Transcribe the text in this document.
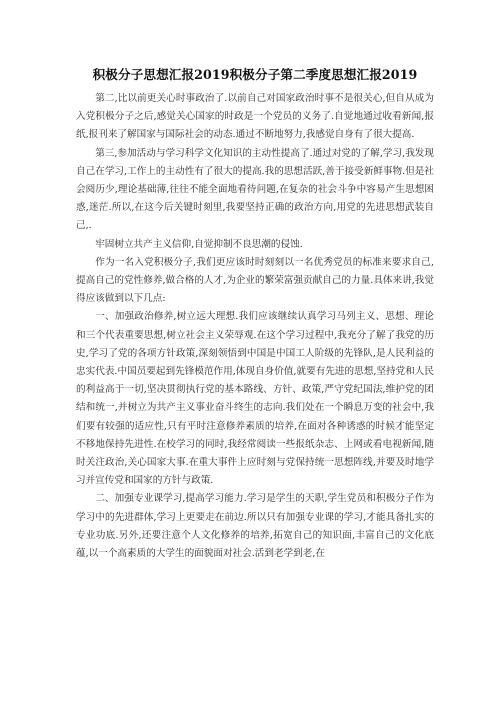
积极分子思想汇报2019积极分子第二季度思想汇报2019

第二,比以前更关心时事政治了.以前自己对国家政治时事不是很关心,但自从成为入党积极分子之后,感觉关心国家的时政是一个党员的义务了.自觉地通过收看新闻,报纸,报刊来了解国家与国际社会的动态.通过不断地努力,我感觉自身有了很大提高.

第三,参加活动与学习科学文化知识的主动性提高了.通过对党的了解,学习,我发现自己在学习,工作上的主动性有了很大的提高.我的思想活跃,善于接受新鲜事物.但是社会阅历少,理论基础薄,往往不能全面地看待问题,在复杂的社会斗争中容易产生思想困惑,迷茫.所以,在这今后关键时刻里,我要坚持正确的政治方向,用党的先进思想武装自己,.

牢固树立共产主义信仰,自觉抑制不良思潮的侵蚀.

作为一名入党积极分子,我们更应该时时刻刻以一名优秀党员的标准来要求自己,提高自己的党性修养,做合格的人才,为企业的繁荣富强贡献自己的力量.具体来讲,我觉得应该做到以下几点:

一、加强政治修养,树立远大理想.我们应该继续认真学习马列主义、思想、理论和三个代表重要思想,树立社会主义荣辱观.在这个学习过程中,我充分了解了我党的历史,学习了党的各项方针政策,深刻领悟到中国是中国工人阶级的先锋队,是人民利益的忠实代表.中国员要起到先锋模范作用,体现自身价值,就要有先进的思想,坚持党和人民的利益高于一切,坚决贯彻执行党的基本路线、方针、政策,严守党纪国法,维护党的团结和统一,并树立为共产主义事业奋斗终生的志向.我们处在一个瞬息万变的社会中,我们要有较强的适应性,只有平时注意修养素质的培养,在面对各种诱惑的时候才能坚定不移地保持先进性.在校学习的同时,我经常阅读一些报纸杂志、上网或看电视新闻,随时关注政治,关心国家大事.在重大事件上应时刻与党保持统一思想阵线,并要及时地学习并宣传党和国家的方针与政策.

二、加强专业课学习,提高学习能力.学习是学生的天职,学生党员和积极分子作为学习中的先进群体,学习上更要走在前边.所以只有加强专业课的学习,才能具备扎实的专业功底.另外,还要注意个人文化修养的培养,拓宽自己的知识面,丰富自己的文化底蕴,以一个高素质的大学生的面貌面对社会.活到老学到老,在
